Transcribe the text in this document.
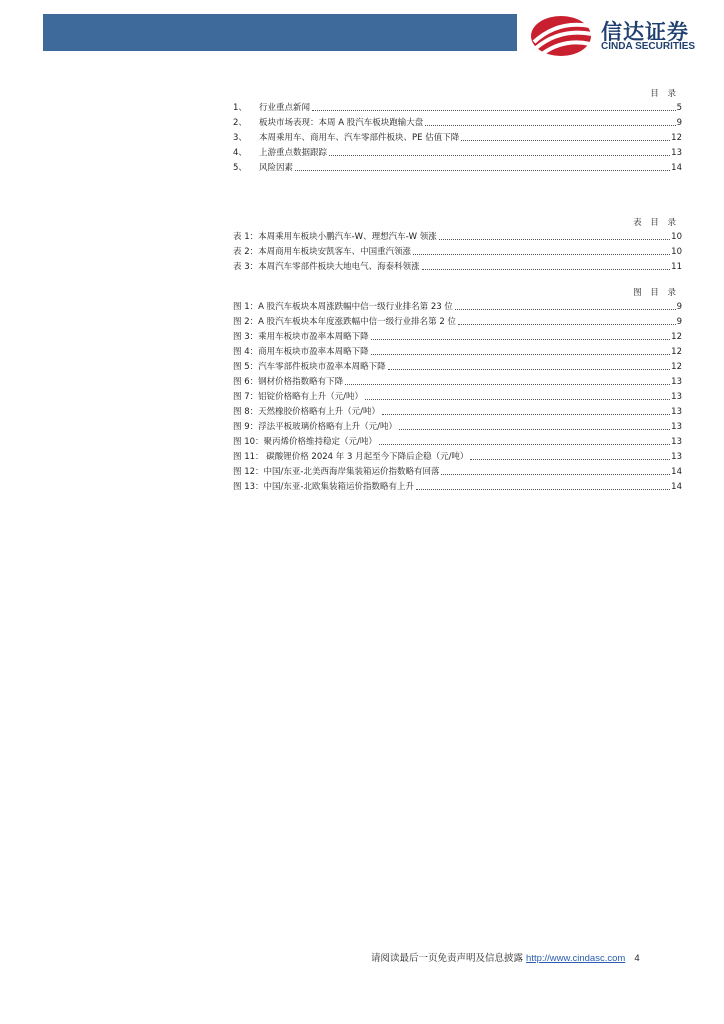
信达证券
CINDA SECURITIES
目 录
1、	行业重点新闻	5
2、	板块市场表现：本周 A 股汽车板块跑输大盘	9
3、	本周乘用车、商用车、汽车零部件板块、PE 估值下降	12
4、	上游重点数据跟踪	13
5、	风险因素	14
表 目 录
表 1：本周乘用车板块小鹏汽车-W、理想汽车-W 领涨	10
表 2：本周商用车板块安凯客车、中国重汽领涨	10
表 3：本周汽车零部件板块大地电气、海泰科领涨	11
图 目 录
图 1：A 股汽车板块本周涨跌幅中信一级行业排名第 23 位	9
图 2：A 股汽车板块本年度涨跌幅中信一级行业排名第 2 位	9
图 3：乘用车板块市盈率本周略下降	12
图 4：商用车板块市盈率本周略下降	12
图 5：汽车零部件板块市盈率本周略下降	12
图 6：钢材价格指数略有下降	13
图 7：铝锭价格略有上升（元/吨）	13
图 8：天然橡胶价格略有上升（元/吨）	13
图 9：浮法平板玻璃价格略有上升（元/吨）	13
图 10：聚丙烯价格维持稳定（元/吨）	13
图 11： 碳酸锂价格 2024 年 3 月起至今下降后企稳（元/吨）	13
图 12：中国/东亚-北美西海岸集装箱运价指数略有回落	14
图 13：中国/东亚-北欧集装箱运价指数略有上升	14
请阅读最后一页免责声明及信息披露 http://www.cindasc.com 4
